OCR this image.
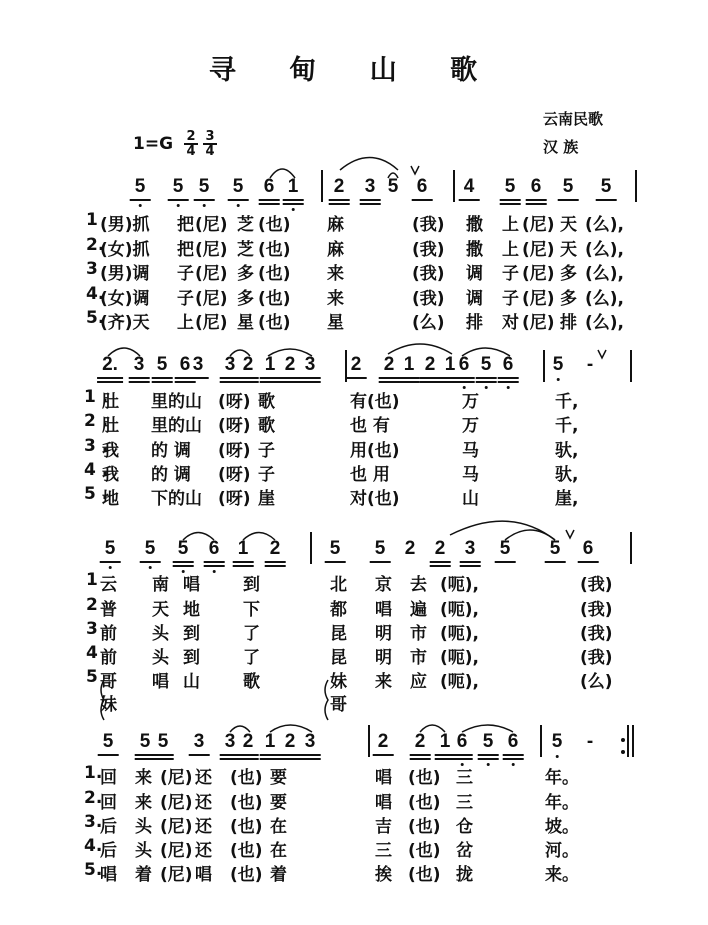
寻 甸 山 歌
云南民歌
汉 族
1=G 2
4
3
4
5 5 5 5 6 1 2 3 5 6 4 5 6 5 5
1 (男)抓 把 (尼) 芝 (也) 麻	(我) 撒 上 (尼) 天 (么),
2.
(女)抓 把 (尼) 芝 (也) 麻	(我) 撒 上 (尼) 天 (么),
3 (男)调 子 (尼) 多 (也) 来	(我) 调 子 (尼) 多 (么),
4.
(女)调 子 (尼) 多 (也) 来	(我) 调 子 (尼) 多 (么),
5.
(齐)天 上 (尼) 星 (也) 星	(么) 排 对 (尼) 排 (么),
2. 3 5 6 3 3 2 1 2 3 2 2 1 2 1 6 5 6 5 -
1 .
肚 里的山 (呀) 歌	有(也)	万	千,
2 .
肚 里的山 (呀) 歌	也 有	万	千,
3 .
我 的 调 (呀) 子	用(也)	马	驮,
4 .
我 的 调 (呀) 子	也 用	马	驮,
5 .
地 下的山 (呀) 崖	对(也)	山	崖,
5 5 5 6 1 2	5 5 2 2 3 5 5 6
1 云 南 唱	到	北 京 去 (呃),	(我)
2 普 天 地	下	都 唱 遍 (呃),	(我)
3 前 头 到	了	昆 明 市 (呃),	(我)
4 前 头 到	了	昆 明 市 (呃),	(我)
5 哥 唱 山	歌	妹 来 应 (呃),	(么)
妹	哥
5 5 5 3 3 2 1 2 3	2 2 1 6 5 6 5 -
1.
回 来 (尼) 还 (也) 要	唱 (也) 三	年。
2.
回 来 (尼) 还 (也) 要	唱 (也) 三	年。
3.
后 头 (尼) 还 (也) 在	吉 (也) 仓	坡。
4.
后 头 (尼) 还 (也) 在	三 (也) 岔	河。
5.
唱 着 (尼) 唱 (也) 着	挨 (也) 拢	来。
